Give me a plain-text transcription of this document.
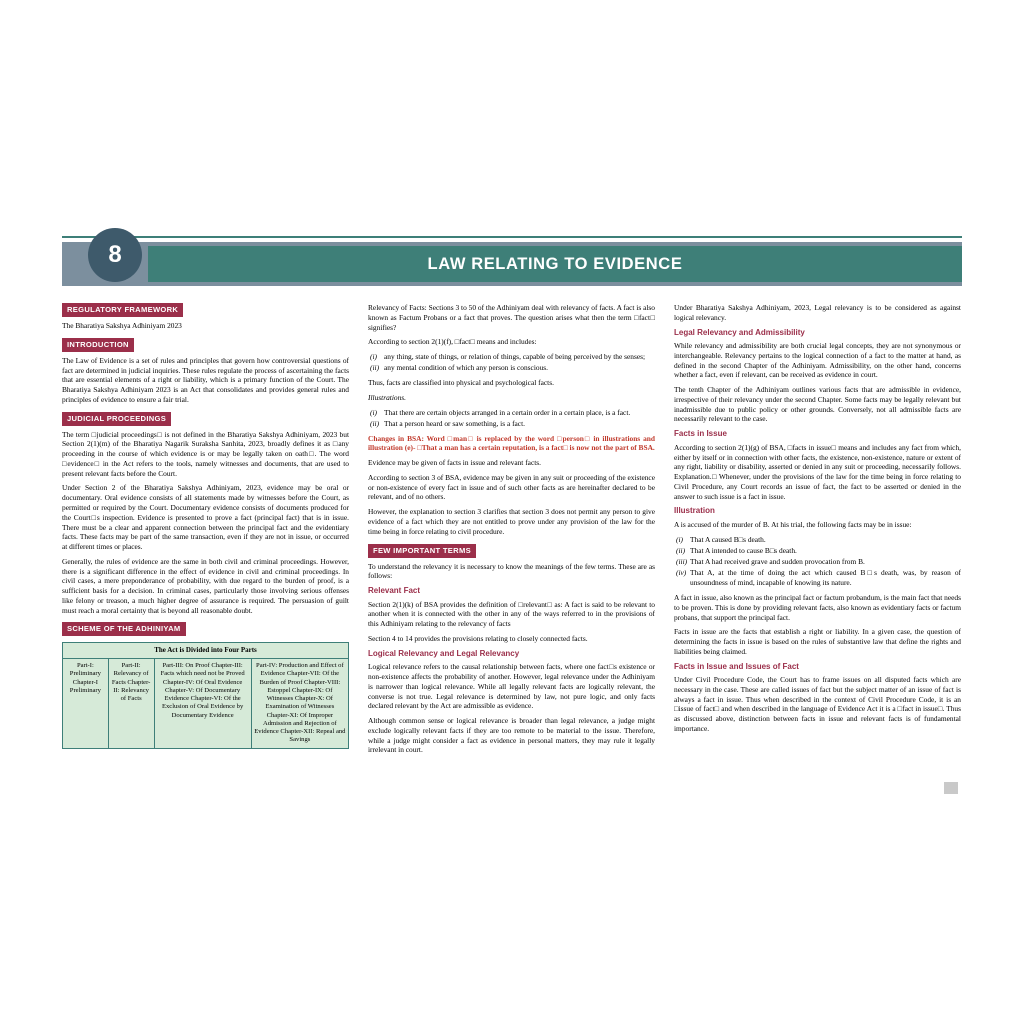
LAW RELATING TO EVIDENCE
8
REGULATORY FRAMEWORK

The Bharatiya Sakshya Adhiniyam 2023

INTRODUCTION

The Law of Evidence is a set of rules and principles that govern how controversial questions of fact are determined in judicial inquiries. These rules regulate the process of ascertaining the facts that are essential elements of a right or liability, which is a primary function of the Court. The Bharatiya Sakshya Adhiniyam 2023 is an Act that consolidates and provides general rules and principles of evidence to ensure a fair trial.

JUDICIAL PROCEEDINGS

The term □judicial proceedings□ is not defined in the Bharatiya Sakshya Adhiniyam, 2023 but Section 2(1)(m) of the Bharatiya Nagarik Suraksha Sanhita, 2023, broadly defines it as □any proceeding in the course of which evidence is or may be legally taken on oath□. The word □evidence□ in the Act refers to the tools, namely witnesses and documents, that are used to present relevant facts before the Court.

Under Section 2 of the Bharatiya Sakshya Adhiniyam, 2023, evidence may be oral or documentary. Oral evidence consists of all statements made by witnesses before the Court, as permitted or required by the Court. Documentary evidence consists of documents produced for the Court□s inspection. Evidence is presented to prove a fact (principal fact) that is in issue. There must be a clear and apparent connection between the principal fact and the evidentiary facts. These facts may be part of the same transaction, even if they are not in issue, or occurred at different times or places.

Generally, the rules of evidence are the same in both civil and criminal proceedings. However, there is a significant difference in the effect of evidence in civil and criminal proceedings. In civil cases, a mere preponderance of probability, with due regard to the burden of proof, is a sufficient basis for a decision. In criminal cases, particularly those involving serious offenses like felony or treason, a much higher degree of assurance is required. The persuasion of guilt must reach a moral certainty that is beyond all reasonable doubt.

SCHEME OF THE ADHINIYAM
The Act is Divided into Four Parts
Part-I: Preliminary Chapter-I Preliminary	Part-II: Relevancy of Facts Chapter-II: Relevancy of Facts	Part-III: On Proof Chapter-III: Facts which need not be Proved Chapter-IV: Of Oral Evidence Chapter-V: Of Documentary Evidence Chapter-VI: Of the Exclusion of Oral Evidence by Documentary Evidence	Part-IV: Production and Effect of Evidence Chapter-VII: Of the Burden of Proof Chapter-VIII: Estoppel Chapter-IX: Of Witnesses Chapter-X: Of Examination of Witnesses Chapter-XI: Of Improper Admission and Rejection of Evidence Chapter-XII: Repeal and Savings

Relevancy of Facts: Sections 3 to 50 of the Adhiniyam deal with relevancy of facts. A fact is also known as Factum Probans or a fact that proves. The question arises what then the term □fact□ signifies?

According to section 2(1)(f), □fact□ means and includes:

(i) any thing, state of things, or relation of things, capable of being perceived by the senses;
(ii) any mental condition of which any person is conscious.

Thus, facts are classified into physical and psychological facts.

Illustrations.

(i) That there are certain objects arranged in a certain order in a certain place, is a fact.
(ii) That a person heard or saw something, is a fact.

Changes in BSA: Word □man□ is replaced by the word □person□ in illustrations and illustration (e)- □That a man has a certain reputation, is a fact□ is now not the part of BSA.

Evidence may be given of facts in issue and relevant facts.

According to section 3 of BSA, evidence may be given in any suit or proceeding of the existence or non-existence of every fact in issue and of such other facts as are hereinafter declared to be relevant, and of no others.

However, the explanation to section 3 clarifies that section 3 does not permit any person to give evidence of a fact which they are not entitled to prove under any provision of the law for the time being in force relating to civil procedure.

FEW IMPORTANT TERMS

To understand the relevancy it is necessary to know the meanings of the few terms. These are as follows:

Relevant Fact

Section 2(1)(k) of BSA provides the definition of □relevant□ as: A fact is said to be relevant to another when it is connected with the other in any of the ways referred to in the provisions of this Adhiniyam relating to the relevancy of facts

Section 4 to 14 provides the provisions relating to closely connected facts.

Logical Relevancy and Legal Relevancy

Logical relevance refers to the causal relationship between facts, where one fact□s existence or non-existence affects the probability of another. However, legal relevance under the Adhiniyam is narrower than logical relevance. While all legally relevant facts are logically relevant, the converse is not true. Legal relevance is determined by law, not pure logic, and only facts declared relevant by the Act are admissible as evidence.

Although common sense or logical relevance is broader than legal relevance, a judge might exclude logically relevant facts if they are too remote to be material to the issue. Therefore, while a judge might consider a fact as evidence in personal matters, they may rule it legally irrelevant in court.

Under Bharatiya Sakshya Adhiniyam, 2023, Legal relevancy is to be considered as against logical relevancy.

Legal Relevancy and Admissibility

While relevancy and admissibility are both crucial legal concepts, they are not synonymous or interchangeable. Relevancy pertains to the logical connection of a fact to the matter at hand, as defined in the second Chapter of the Adhiniyam. Admissibility, on the other hand, concerns whether a fact, even if relevant, can be received as evidence in court.

The tenth Chapter of the Adhiniyam outlines various facts that are admissible in evidence, irrespective of their relevancy under the second Chapter. Some facts may be legally relevant but inadmissible due to public policy or other grounds. Conversely, not all admissible facts are necessarily relevant to the case.

Facts in Issue

According to section 2(1)(g) of BSA, □facts in issue□ means and includes any fact from which, either by itself or in connection with other facts, the existence, non-existence, nature or extent of any right, liability or disability, asserted or denied in any suit or proceeding, necessarily follows. Explanation.□ Whenever, under the provisions of the law for the time being in force relating to Civil Procedure, any Court records an issue of fact, the fact to be asserted or denied in the answer to such issue is a fact in issue.

Illustration

A is accused of the murder of B. At his trial, the following facts may be in issue:

(i) That A caused B□s death.
(ii) That A intended to cause B□s death.
(iii) That A had received grave and sudden provocation from B.
(iv) That A, at the time of doing the act which caused B□s death, was, by reason of unsoundness of mind, incapable of knowing its nature.

A fact in issue, also known as the principal fact or factum probandum, is the main fact that needs to be proven. This is done by providing relevant facts, also known as evidentiary facts or factum probans, that support the principal fact.

Facts in issue are the facts that establish a right or liability. In a given case, the question of determining the facts in issue is based on the rules of substantive law that define the rights and liabilities being claimed.

Facts in Issue and Issues of Fact

Under Civil Procedure Code, the Court has to frame issues on all disputed facts which are necessary in the case. These are called issues of fact but the subject matter of an issue of fact is always a fact in issue. Thus when described in the context of Civil Procedure Code, it is an □issue of fact□ and when described in the language of Evidence Act it is a □fact in issue□. Thus as discussed above, distinction between facts in issue and relevant facts is of fundamental importance.
